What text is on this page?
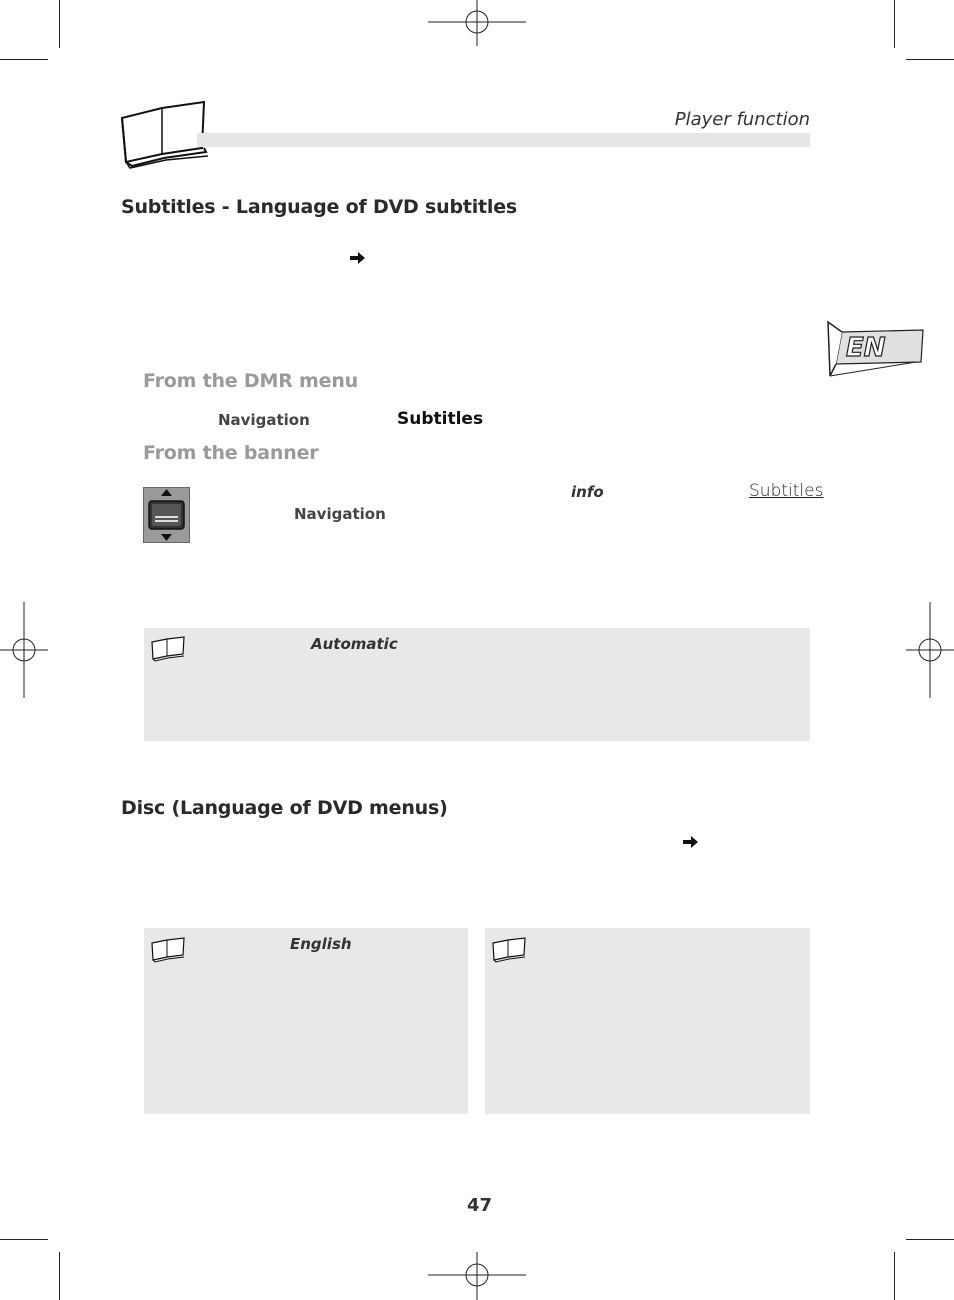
Player function
EN
Subtitles - Language of DVD subtitles
From the DMR menu
Navigation	Subtitles
From the banner
info	Subtitles
Navigation
Automatic
Disc (Language of DVD menus)
English
47
